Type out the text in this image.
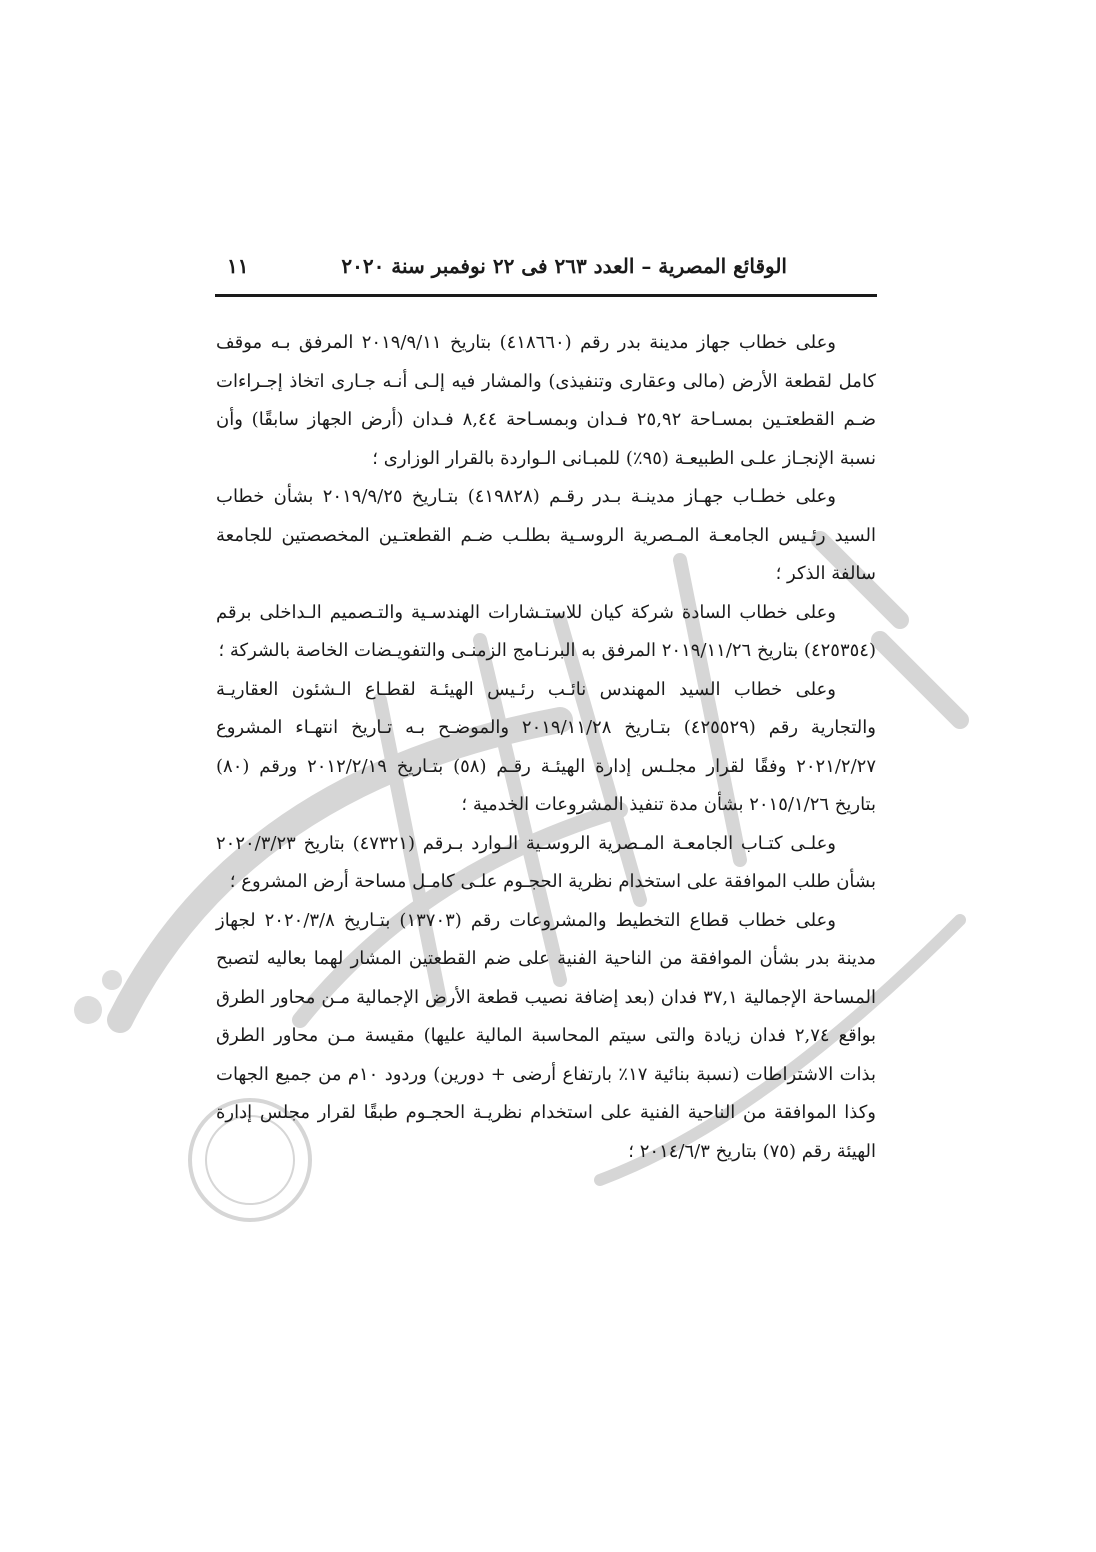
الوقائع المصرية – العدد ٢٦٣ فى ٢٢ نوفمبر سنة ٢٠٢٠
١١

وعلى خطاب جهاز مدينة بدر رقم (٤١٨٦٦٠) بتاريخ ٢٠١٩/٩/١١ المرفق بـه موقف كامل لقطعة الأرض (مالى وعقارى وتنفيذى) والمشار فيه إلـى أنـه جـارى اتخاذ إجـراءات ضـم القطعتـين بمسـاحة ٢٥,٩٢ فـدان وبمسـاحة ٨,٤٤ فـدان (أرض الجهاز سابقًا) وأن نسبة الإنجـاز علـى الطبيعـة (٩٥٪) للمبـانى الـواردة بالقرار الوزارى ؛

وعلى خطـاب جهـاز مدينـة بـدر رقـم (٤١٩٨٢٨) بتـاريخ ٢٠١٩/٩/٢٥ بشأن خطاب السيد رئـيس الجامعـة المـصرية الروسـية بطلـب ضـم القطعتـين المخصصتين للجامعة سالفة الذكر ؛

وعلى خطاب السادة شركة كيان للاستـشارات الهندسـية والتـصميم الـداخلى برقم (٤٢٥٣٥٤) بتاريخ ٢٠١٩/١١/٢٦ المرفق به البرنـامج الزمنـى والتفويـضات الخاصة بالشركة ؛

وعلى خطاب السيد المهندس نائـب رئـيس الهيئـة لقطـاع الـشئون العقاريـة والتجارية رقم (٤٢٥٥٢٩) بتـاريخ ٢٠١٩/١١/٢٨ والموضـح بـه تـاريخ انتهـاء المشروع ٢٠٢١/٢/٢٧ وفقًا لقرار مجلـس إدارة الهيئـة رقـم (٥٨) بتـاريخ ٢٠١٢/٢/١٩ ورقم (٨٠) بتاريخ ٢٠١٥/١/٢٦ بشأن مدة تنفيذ المشروعات الخدمية ؛

وعلـى كتـاب الجامعـة المـصرية الروسـية الـوارد بـرقم (٤٧٣٢١) بتاريخ ٢٠٢٠/٣/٢٣ بشأن طلب الموافقة على استخدام نظرية الحجـوم علـى كامـل مساحة أرض المشروع ؛

وعلى خطاب قطاع التخطيط والمشروعات رقم (١٣٧٠٣) بتـاريخ ٢٠٢٠/٣/٨ لجهاز مدينة بدر بشأن الموافقة من الناحية الفنية على ضم القطعتين المشار لهما بعاليه لتصبح المساحة الإجمالية ٣٧,١ فدان (بعد إضافة نصيب قطعة الأرض الإجمالية مـن محاور الطرق بواقع ٢,٧٤ فدان زيادة والتى سيتم المحاسبة المالية عليها) مقيسة مـن محاور الطرق بذات الاشتراطات (نسبة بنائية ١٧٪ بارتفاع أرضى + دورين) وردود ١٠م من جميع الجهات وكذا الموافقة من الناحية الفنية على استخدام نظريـة الحجـوم طبقًا لقرار مجلس إدارة الهيئة رقم (٧٥) بتاريخ ٢٠١٤/٦/٣ ؛
